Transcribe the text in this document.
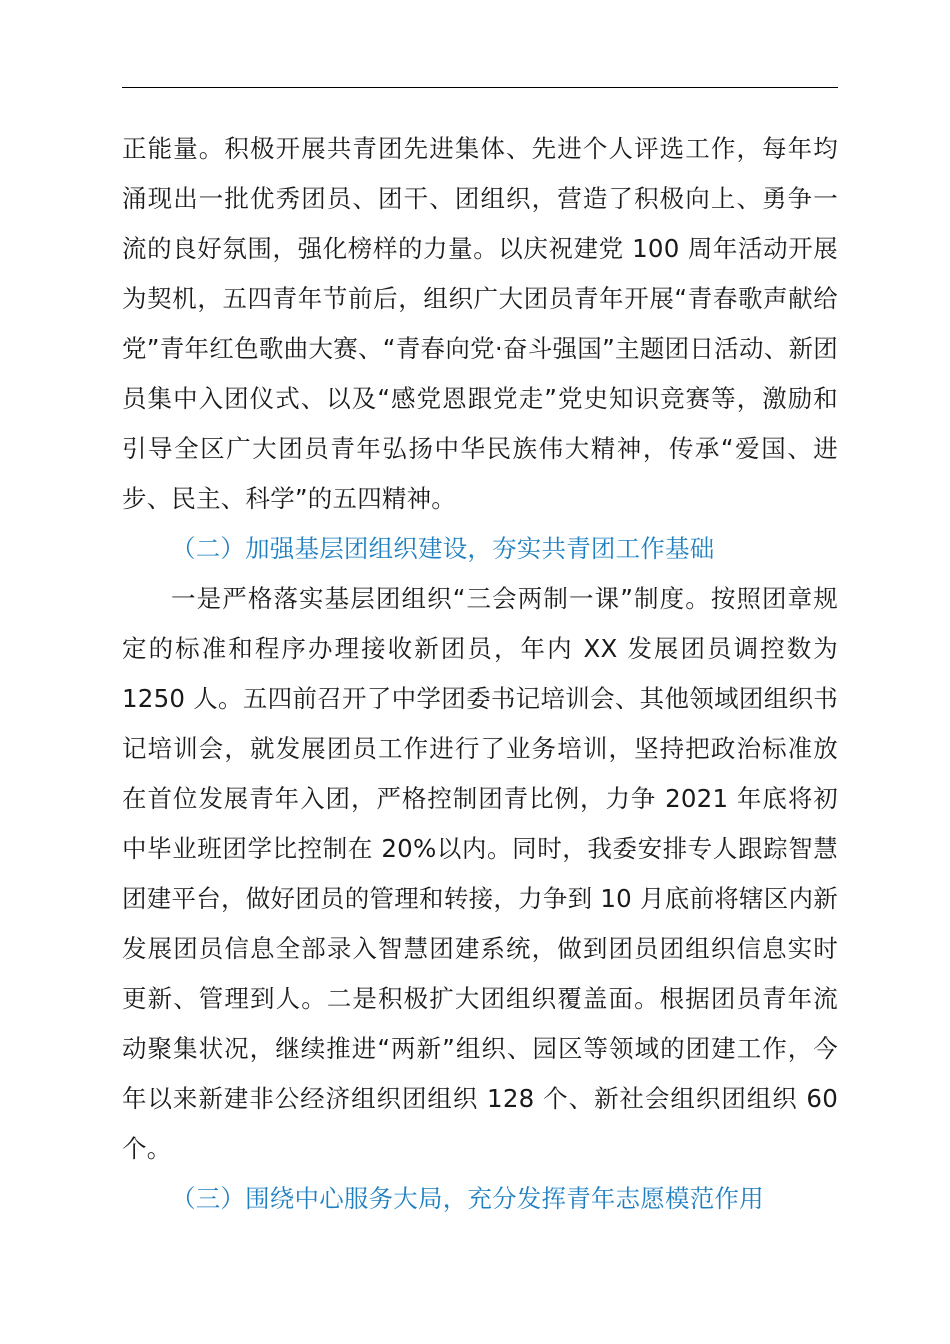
正能量。积极开展共青团先进集体、先进个人评选工作，每年均涌现出一批优秀团员、团干、团组织，营造了积极向上、勇争一流的良好氛围，强化榜样的力量。以庆祝建党 100 周年活动开展为契机，五四青年节前后，组织广大团员青年开展“青春歌声献给党”青年红色歌曲大赛、“青春向党·奋斗强国”主题团日活动、新团员集中入团仪式、以及“感党恩跟党走”党史知识竞赛等，激励和引导全区广大团员青年弘扬中华民族伟大精神，传承“爱国、进步、民主、科学”的五四精神。

（二）加强基层团组织建设，夯实共青团工作基础

一是严格落实基层团组织“三会两制一课”制度。按照团章规定的标准和程序办理接收新团员，年内 XX 发展团员调控数为 1250 人。五四前召开了中学团委书记培训会、其他领域团组织书记培训会，就发展团员工作进行了业务培训，坚持把政治标准放在首位发展青年入团，严格控制团青比例，力争 2021 年底将初中毕业班团学比控制在 20%以内。同时，我委安排专人跟踪智慧团建平台，做好团员的管理和转接，力争到 10 月底前将辖区内新发展团员信息全部录入智慧团建系统，做到团员团组织信息实时更新、管理到人。二是积极扩大团组织覆盖面。根据团员青年流动聚集状况，继续推进“两新”组织、园区等领域的团建工作，今年以来新建非公经济组织团组织 128 个、新社会组织团组织 60 个。

（三）围绕中心服务大局，充分发挥青年志愿模范作用
